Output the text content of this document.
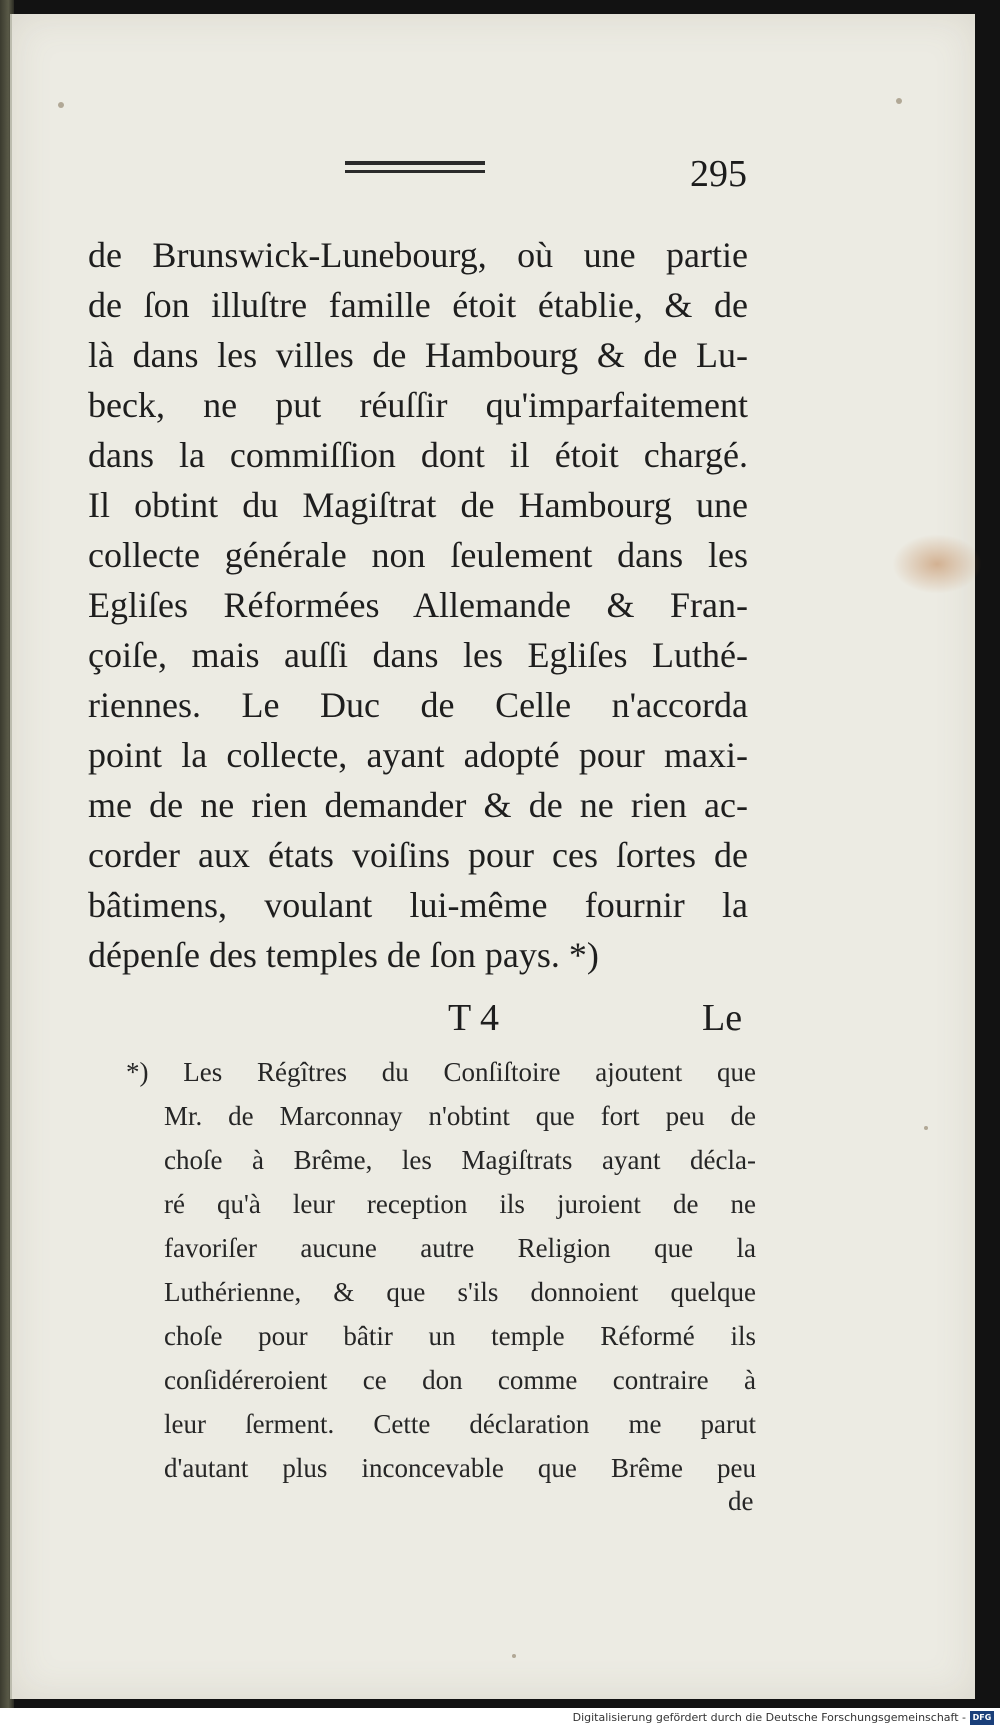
295
de Brunswick-Lunebourg, où une partie
de ſon illuſtre famille étoit établie, & de
là dans les villes de Hambourg & de Lu-
beck, ne put réuſſir qu'imparfaitement
dans la commiſſion dont il étoit chargé.
Il obtint du Magiſtrat de Hambourg une
collecte générale non ſeulement dans les
Egliſes Réformées Allemande & Fran-
çoiſe, mais auſſi dans les Egliſes Luthé-
riennes. Le Duc de Celle n'accorda
point la collecte, ayant adopté pour maxi-
me de ne rien demander & de ne rien ac-
corder aux états voiſins pour ces ſortes de
bâtimens, voulant lui-même fournir la
dépenſe des temples de ſon pays. *)
T 4	Le
*) Les Régîtres du Conſiſtoire ajoutent que
Mr. de Marconnay n'obtint que fort peu de
choſe à Brême, les Magiſtrats ayant décla-
ré qu'à leur reception ils juroient de ne
favoriſer aucune autre Religion que la
Luthérienne, & que s'ils donnoient quelque
choſe pour bâtir un temple Réformé ils
conſidéreroient ce don comme contraire à
leur ſerment. Cette déclaration me parut
d'autant plus inconcevable que Brême peu
de
Digitalisierung gefördert durch die Deutsche Forschungsgemeinschaft - DFG
